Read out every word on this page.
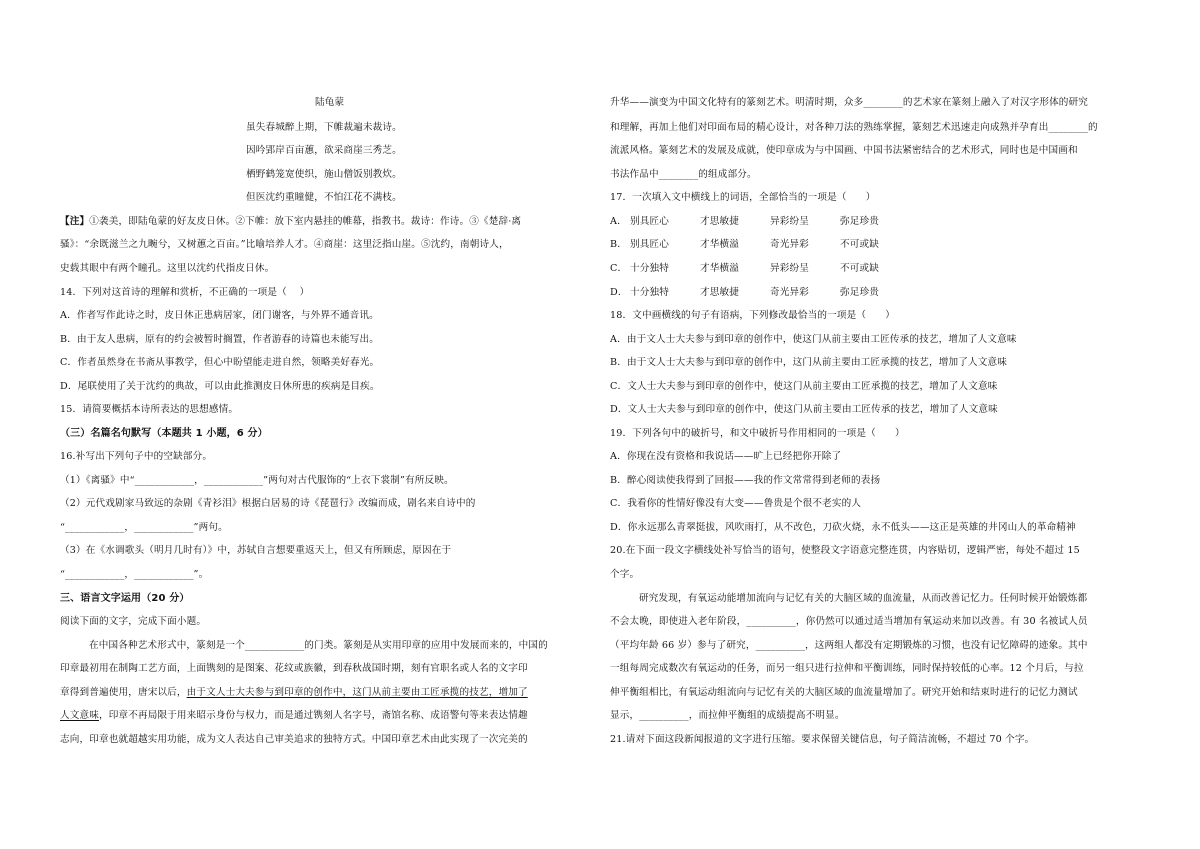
陆龟蒙
虽失春城醉上期，下帷裁遍未裁诗。
因吟郢岸百亩蕙，欲采商崖三秀芝。
栖野鹤笼宽使织，施山僧饭别教炊。
但医沈约重瞳健，不怕江花不满枝。
【注】①袭美，即陆龟蒙的好友皮日休。②下帷：放下室内悬挂的帷幕，指教书。裁诗：作诗。③《楚辞·离
骚》：“余既滋兰之九畹兮，又树蕙之百亩。”比喻培养人才。④商崖：这里泛指山崖。⑤沈约，南朝诗人，
史载其眼中有两个瞳孔。这里以沈约代指皮日休。
14．下列对这首诗的理解和赏析，不正确的一项是（    ）
A．作者写作此诗之时，皮日休正患病居家，闭门谢客，与外界不通音讯。
B．由于友人患病，原有的约会被暂时搁置，作者游春的诗篇也未能写出。
C．作者虽然身在书斋从事教学，但心中盼望能走进自然，领略美好春光。
D．尾联使用了关于沈约的典故，可以由此推测皮日休所患的疾病是目疾。
15．请简要概括本诗所表达的思想感情。
（三）名篇名句默写（本题共 1 小题，6 分）
16.补写出下列句子中的空缺部分。
（1）《离骚》中“____________，____________”两句对古代服饰的“上衣下裳制”有所反映。
（2）元代戏剧家马致远的杂剧《青衫泪》根据白居易的诗《琵琶行》改编而成，剧名来自诗中的
“____________，____________”两句。
（3）在《水调歌头（明月几时有）》中，苏轼自言想要重返天上，但又有所顾虑，原因在于
“____________，____________”。
三、语言文字运用（20 分）
阅读下面的文字，完成下面小题。
在中国各种艺术形式中，篆刻是一个____________的门类。篆刻是从实用印章的应用中发展而来的，中国的
印章最初用在制陶工艺方面，上面镌刻的是图案、花纹或族徽，到春秋战国时期，刻有官职名或人名的文字印
章得到普遍使用，唐宋以后，由于文人士大夫参与到印章的创作中，这门从前主要由工匠承揽的技艺，增加了
人文意味，印章不再局限于用来昭示身份与权力，而是通过镌刻人名字号，斋馆名称、成语警句等来表达情趣
志向，印章也就超越实用功能，成为文人表达自己审美追求的独特方式。中国印章艺术由此实现了一次完美的
升华——演变为中国文化特有的篆刻艺术。明清时期，众多________的艺术家在篆刻上融入了对汉字形体的研究
和理解，再加上他们对印面布局的精心设计，对各种刀法的熟练掌握，篆刻艺术迅速走向成熟并孕育出________的
流派风格。篆刻艺术的发展及成就，使印章成为与中国画、中国书法紧密结合的艺术形式，同时也是中国画和
书法作品中________的组成部分。
17．一次填入文中横线上的词语，全部恰当的一项是（      ）
A． 别具匠心	才思敏捷	异彩纷呈	弥足珍贵
B． 别具匠心	才华横溢	奇光异彩	不可或缺
C． 十分独特	才华横溢	异彩纷呈	不可或缺
D． 十分独特	才思敏捷	奇光异彩	弥足珍贵
18．文中画横线的句子有语病，下列修改最恰当的一项是（      ）
A．由于文人士大夫参与到印章的创作中，使这门从前主要由工匠传承的技艺，增加了人文意味
B．由于文人士大夫参与到印章的创作中，这门从前主要由工匠承揽的技艺，增加了人文意味
C．文人士大夫参与到印章的创作中，使这门从前主要由工匠承揽的技艺，增加了人文意味
D．文人士大夫参与到印章的创作中，使这门从前主要由工匠传承的技艺，增加了人文意味
19．下列各句中的破折号，和文中破折号作用相同的一项是（      ）
A．你现在没有资格和我说话——旷上已经把你开除了
B．醉心阅读使我得到了回报——我的作文常常得到老师的表扬
C．我看你的性情好像没有大变——鲁贵是个很不老实的人
D．你永远那么青翠挺拔，风吹雨打，从不改色，刀砍火烧，永不低头——这正是英雄的井冈山人的革命精神
20.在下面一段文字横线处补写恰当的语句，使整段文字语意完整连贯，内容贴切，逻辑严密，每处不超过 15
个字。
研究发现，有氧运动能增加流向与记忆有关的大脑区域的血流量，从而改善记忆力。任何时候开始锻炼都
不会太晚，即使进入老年阶段，__________，你仍然可以通过适当增加有氧运动来加以改善。有 30 名被试人员
（平均年龄 66 岁）参与了研究，__________，这两组人都没有定期锻炼的习惯，也没有记忆障碍的迹象。其中
一组每周完成数次有氧运动的任务，而另一组只进行拉伸和平衡训练，同时保持较低的心率。12 个月后，与拉
伸平衡组相比，有氧运动组流向与记忆有关的大脑区域的血流量增加了。研究开始和结束时进行的记忆力测试
显示，__________，而拉伸平衡组的成绩提高不明显。
21.请对下面这段新闻报道的文字进行压缩。要求保留关键信息，句子简洁流畅，不超过 70 个字。
